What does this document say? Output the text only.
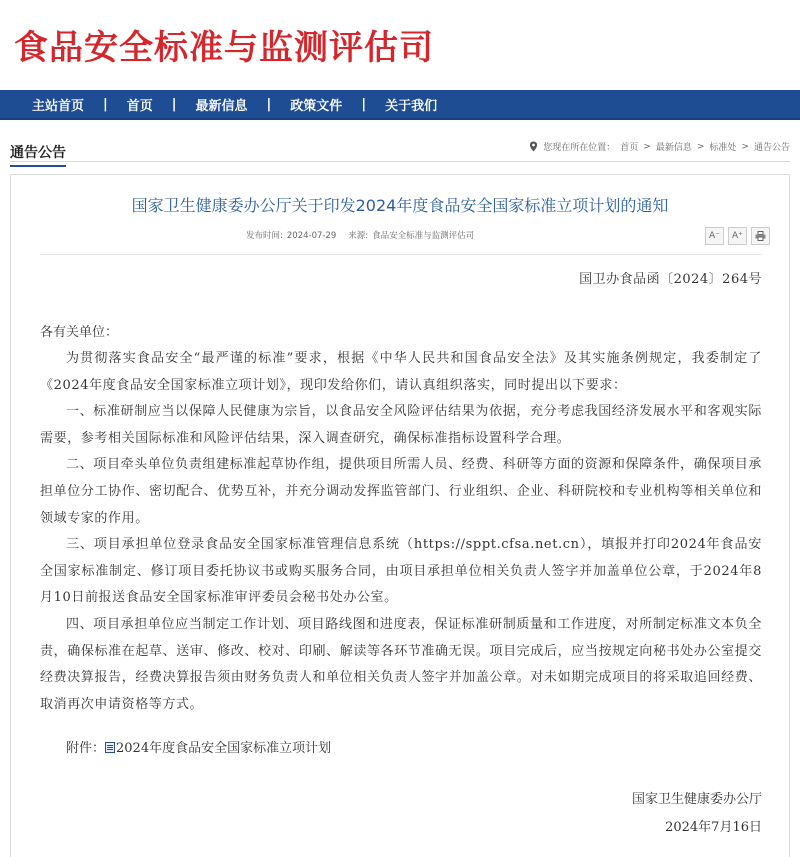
食品安全标准与监测评估司
主站首页	|	首页	|	最新信息	|	政策文件	|	关于我们
通告公告	您现在所在位置： 首页 > 最新信息 > 标准处 > 通告公告
国家卫生健康委办公厅关于印发2024年度食品安全国家标准立项计划的通知
发布时间: 2024-07-29 来源: 食品安全标准与监测评估司	A⁻	A⁺
国卫办食品函〔2024〕264号
各有关单位：

为贯彻落实食品安全“最严谨的标准”要求，根据《中华人民共和国食品安全法》及其实施条例规定，我委制定了《2024年度食品安全国家标准立项计划》，现印发给你们，请认真组织落实，同时提出以下要求：

一、标准研制应当以保障人民健康为宗旨，以食品安全风险评估结果为依据，充分考虑我国经济发展水平和客观实际需要，参考相关国际标准和风险评估结果，深入调查研究，确保标准指标设置科学合理。

二、项目牵头单位负责组建标准起草协作组，提供项目所需人员、经费、科研等方面的资源和保障条件，确保项目承担单位分工协作、密切配合、优势互补，并充分调动发挥监管部门、行业组织、企业、科研院校和专业机构等相关单位和领域专家的作用。

三、项目承担单位登录食品安全国家标准管理信息系统（https://sppt.cfsa.net.cn），填报并打印2024年食品安全国家标准制定、修订项目委托协议书或购买服务合同，由项目承担单位相关负责人签字并加盖单位公章，于2024年8月10日前报送食品安全国家标准审评委员会秘书处办公室。

四、项目承担单位应当制定工作计划、项目路线图和进度表，保证标准研制质量和工作进度，对所制定标准文本负全责，确保标准在起草、送审、修改、校对、印刷、解读等各环节准确无误。项目完成后，应当按规定向秘书处办公室提交经费决算报告，经费决算报告须由财务负责人和单位相关负责人签字并加盖公章。对未如期完成项目的将采取追回经费、取消再次申请资格等方式。

附件： 2024年度食品安全国家标准立项计划
国家卫生健康委办公厅
2024年7月16日
